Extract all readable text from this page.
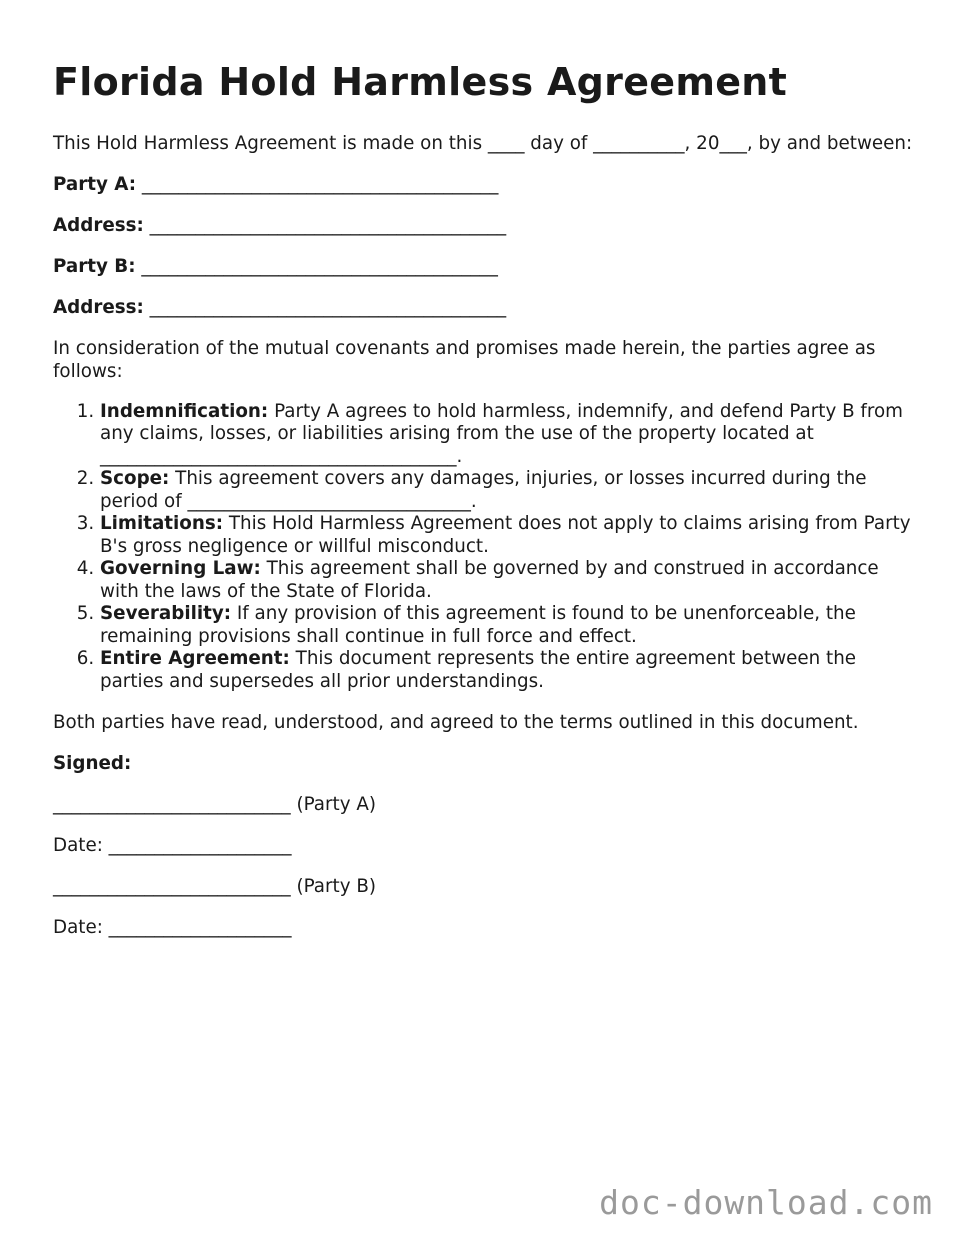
Florida Hold Harmless Agreement

This Hold Harmless Agreement is made on this ____ day of __________, 20___, by and between:

Party A: _______________________________________

Address: _______________________________________

Party B: _______________________________________

Address: _______________________________________

In consideration of the mutual covenants and promises made herein, the parties agree as follows:

1. Indemnification: Party A agrees to hold harmless, indemnify, and defend Party B from any claims, losses, or liabilities arising from the use of the property located at _______________________________________.
2. Scope: This agreement covers any damages, injuries, or losses incurred during the period of _______________________________.
3. Limitations: This Hold Harmless Agreement does not apply to claims arising from Party B's gross negligence or willful misconduct.
4. Governing Law: This agreement shall be governed by and construed in accordance with the laws of the State of Florida.
5. Severability: If any provision of this agreement is found to be unenforceable, the remaining provisions shall continue in full force and effect.
6. Entire Agreement: This document represents the entire agreement between the parties and supersedes all prior understandings.

Both parties have read, understood, and agreed to the terms outlined in this document.

Signed:

__________________________ (Party A)

Date: ____________________

__________________________ (Party B)

Date: ____________________

doc-download.com
